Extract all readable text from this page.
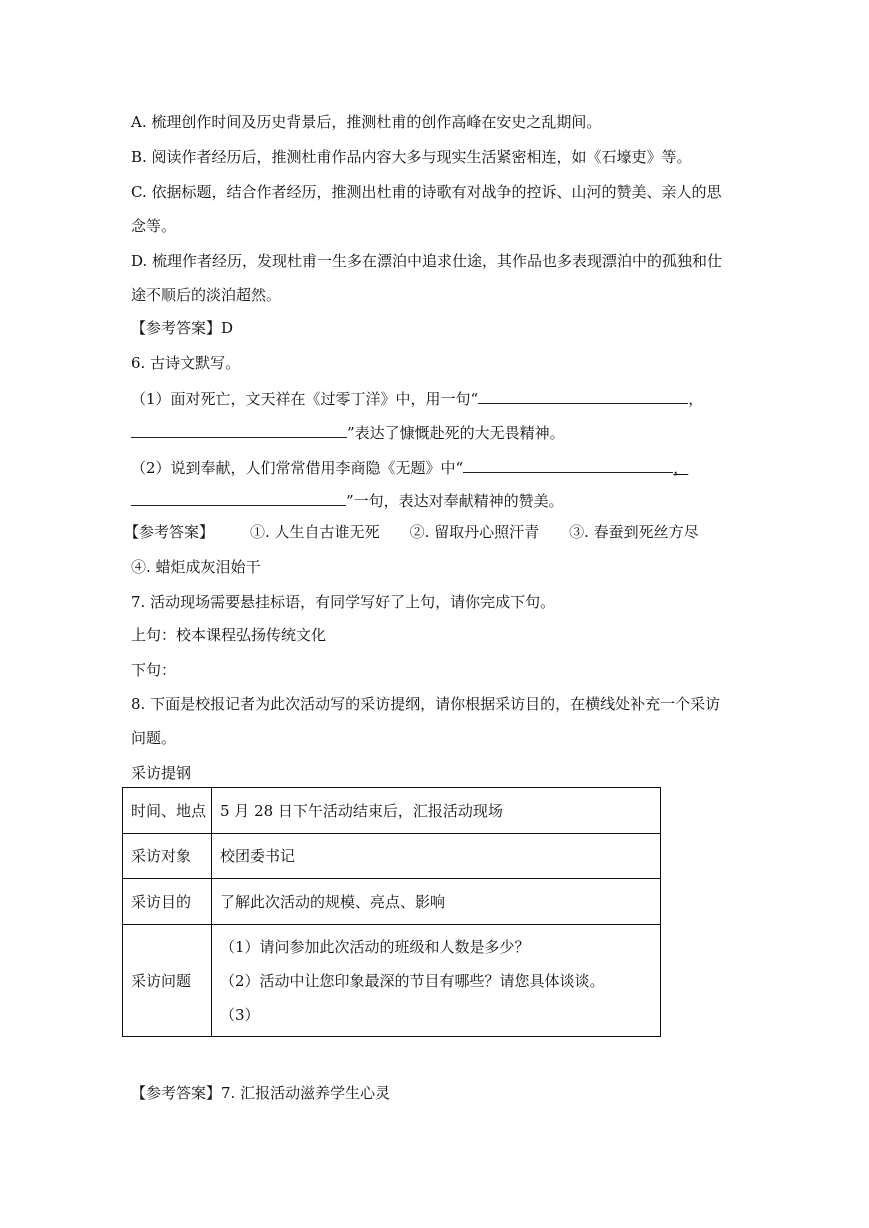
A. 梳理创作时间及历史背景后，推测杜甫的创作高峰在安史之乱期间。
B. 阅读作者经历后，推测杜甫作品内容大多与现实生活紧密相连，如《石壕吏》等。
C. 依据标题，结合作者经历，推测出杜甫的诗歌有对战争的控诉、山河的赞美、亲人的思
念等。
D. 梳理作者经历，发现杜甫一生多在漂泊中追求仕途，其作品也多表现漂泊中的孤独和仕
途不顺后的淡泊超然。
【参考答案】D
6. 古诗文默写。
（1）面对死亡，文天祥在《过零丁洋》中，用一句“	，
”表达了慷慨赴死的大无畏精神。
（2）说到奉献，人们常常借用李商隐《无题》中“	，
”一句，表达对奉献精神的赞美。
【参考答案】 ①. 人生自古谁无死 ②. 留取丹心照汗青 ③. 春蚕到死丝方尽
④. 蜡炬成灰泪始干
7. 活动现场需要悬挂标语，有同学写好了上句，请你完成下句。
上句：校本课程弘扬传统文化
下句：
8. 下面是校报记者为此次活动写的采访提纲，请你根据采访目的，在横线处补充一个采访
问题。
采访提钢
时间、地点	5 月 28 日下午活动结束后，汇报活动现场
采访对象	校团委书记
采访目的	了解此次活动的规模、亮点、影响
采访问题	（1）请问参加此次活动的班级和人数是多少？
（2）活动中让您印象最深的节目有哪些？请您具体谈谈。
（3）
【参考答案】7. 汇报活动滋养学生心灵
